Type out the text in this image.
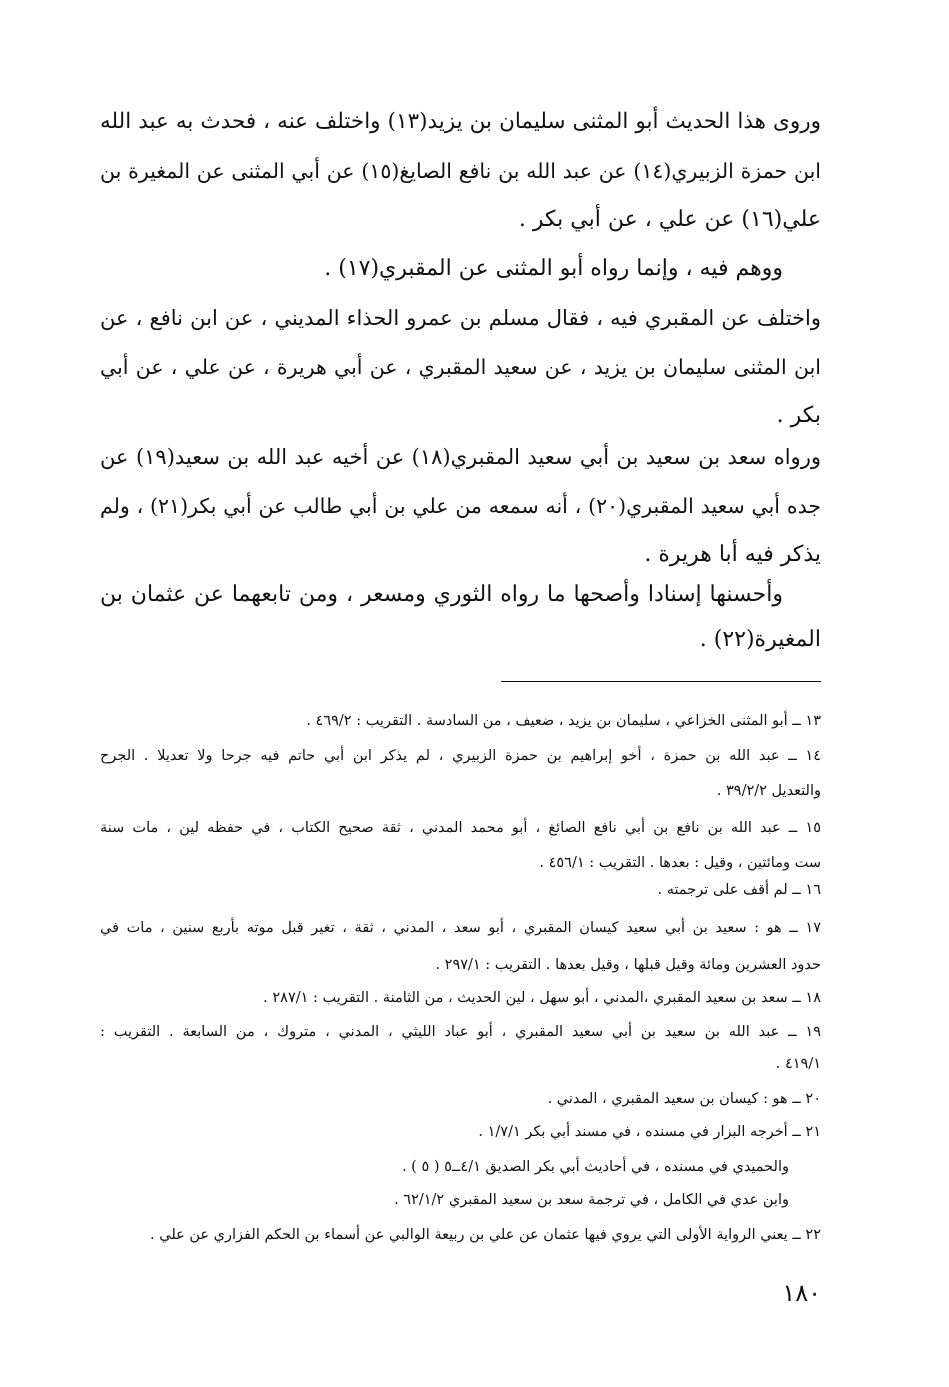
وروى هذا الحديث أبو المثنى سليمان بن يزيد(١٣) واختلف عنه ، فحدث به عبد الله
ابن حمزة الزبيري(١٤) عن عبد الله بن نافع الصايغ(١٥) عن أبي المثنى عن المغيرة بن
علي(١٦) عن علي ، عن أبي بكر .
ووهم فيه ، وإنما رواه أبو المثنى عن المقبري(١٧) .
واختلف عن المقبري فيه ، فقال مسلم بن عمرو الحذاء المديني ، عن ابن نافع ، عن
ابن المثنى سليمان بن يزيد ، عن سعيد المقبري ، عن أبي هريرة ، عن علي ، عن أبي
بكر .
ورواه سعد بن سعيد بن أبي سعيد المقبري(١٨) عن أخيه عبد الله بن سعيد(١٩) عن
جده أبي سعيد المقبري(٢٠) ، أنه سمعه من علي بن أبي طالب عن أبي بكر(٢١) ، ولم
يذكر فيه أبا هريرة .
وأحسنها إسنادا وأصحها ما رواه الثوري ومسعر ، ومن تابعهما عن عثمان بن
المغيرة(٢٢) .
١٣ ــ أبو المثنى الخزاعي ، سليمان بن يزيد ، ضعيف ، من السادسة . التقريب : ٤٦٩/٢ .
١٤ ــ عبد الله بن حمزة ، أخو إبراهيم بن حمزة الزبيري ، لم يذكر ابن أبي حاتم فيه جرحا ولا تعديلا . الجرح
والتعديل ٣٩/٢/٢ .
١٥ ــ عبد الله بن نافع بن أبي نافع الصائغ ، أبو محمد المدني ، ثقة صحيح الكتاب ، في حفظه لين ، مات سنة
ست ومائتين ، وقيل : بعدها . التقريب : ٤٥٦/١ .
١٦ ــ لم أقف على ترجمته .
١٧ ــ هو : سعيد بن أبي سعيد كيسان المقبري ، أبو سعد ، المدني ، ثقة ، تغير قبل موته بأربع سنين ، مات في
حدود العشرين ومائة وقيل قبلها ، وقيل بعدها . التقريب : ٢٩٧/١ .
١٨ ــ سعد بن سعيد المقبري ،المدني ، أبو سهل ، لين الحديث ، من الثامنة . التقريب : ٢٨٧/١ .
١٩ ــ عبد الله بن سعيد بن أبي سعيد المقبري ، أبو عباد الليثي ، المدني ، متروك ، من السابعة . التقريب :
٤١٩/١ .
٢٠ ــ هو : كيسان بن سعيد المقبري ، المدني .
٢١ ــ أخرجه البزار في مسنده ، في مسند أبي بكر ١/٧/١ .
والحميدي في مسنده ، في أحاديث أبي بكر الصديق ٤/١ــ٥ ( ٥ ) .
وابن عدي في الكامل ، في ترجمة سعد بن سعيد المقبري ٦٢/١/٢ .
٢٢ ــ يعني الرواية الأولى التي يروي فيها عثمان عن علي بن ربيعة الوالبي عن أسماء بن الحكم الفزاري عن علي .
١٨٠
